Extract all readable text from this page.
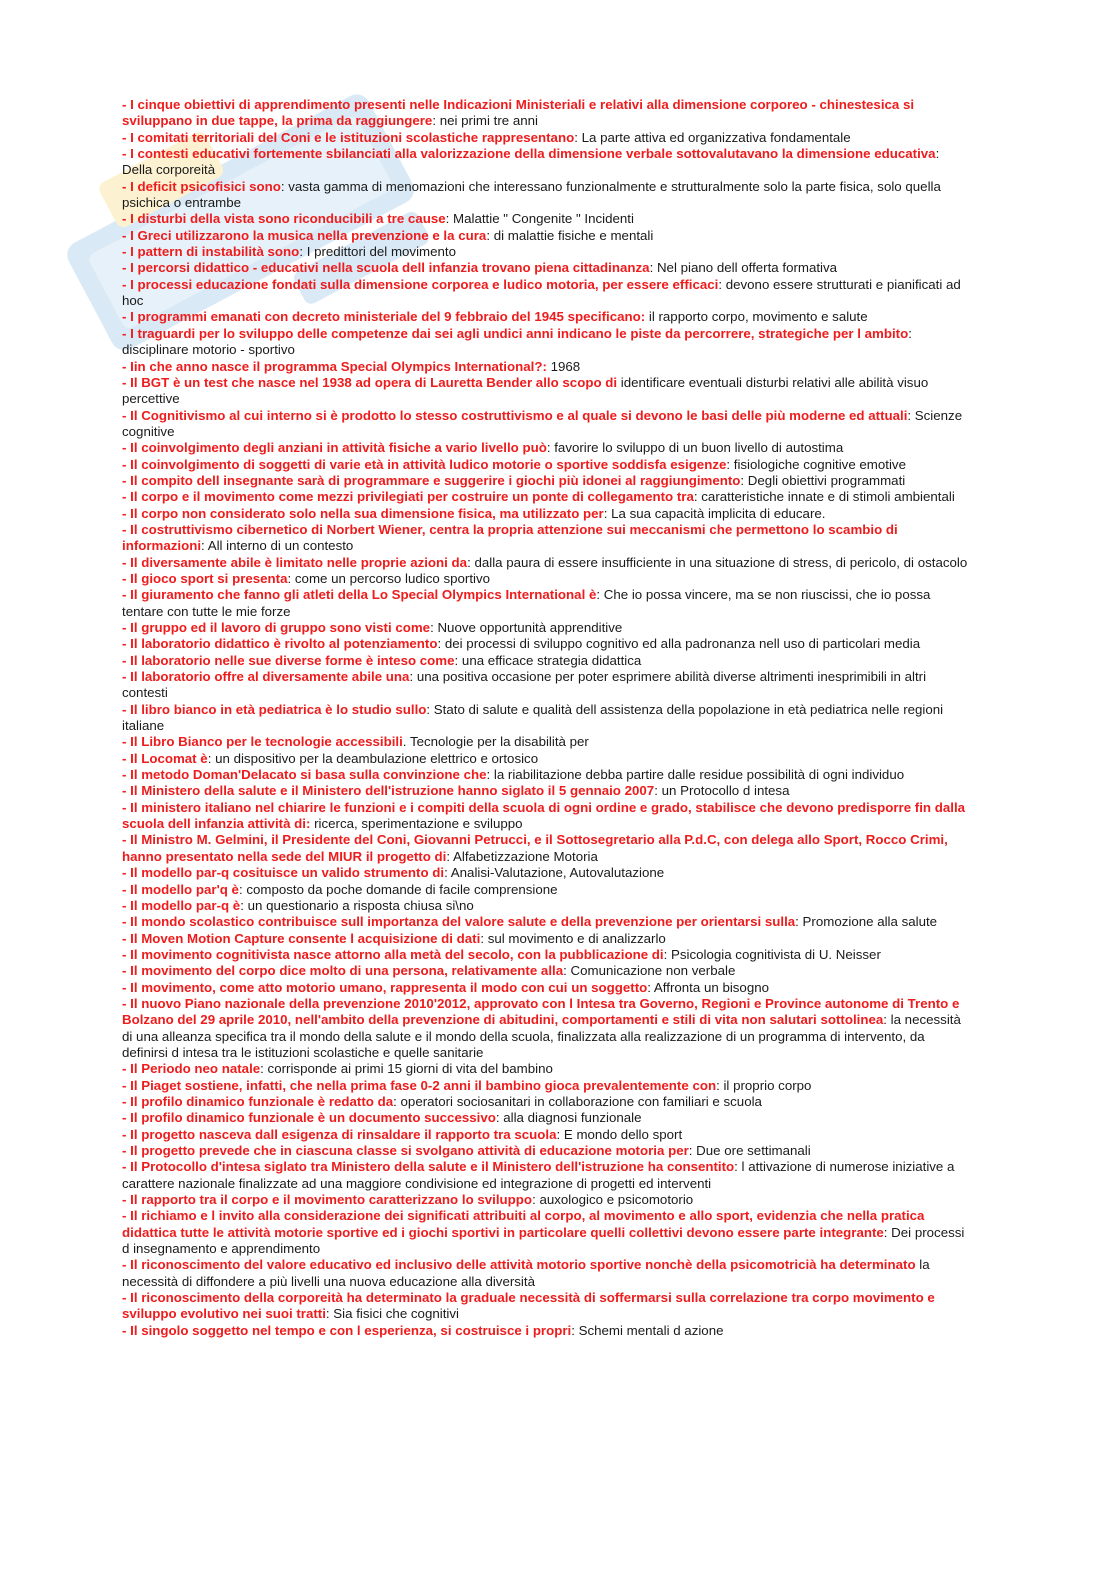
- I cinque obiettivi di apprendimento presenti nelle Indicazioni Ministeriali e relativi alla dimensione corporeo - chinestesica si sviluppano in due tappe, la prima da raggiungere: nei primi tre anni
- I comitati territoriali del Coni e le istituzioni scolastiche rappresentano: La parte attiva ed organizzativa fondamentale
- I contesti educativi fortemente sbilanciati alla valorizzazione della dimensione verbale sottovalutavano la dimensione educativa: Della corporeità
- I deficit psicofisici sono: vasta gamma di menomazioni che interessano funzionalmente e strutturalmente solo la parte fisica, solo quella psichica o entrambe
- I disturbi della vista sono riconducibili a tre cause: Malattie " Congenite " Incidenti
- I Greci utilizzarono la musica nella prevenzione e la cura: di malattie fisiche e mentali
- I pattern di instabilità sono: I predittori del movimento
- I percorsi didattico - educativi nella scuola dell infanzia trovano piena cittadinanza: Nel piano dell offerta formativa
- I processi educazione fondati sulla dimensione corporea e ludico motoria, per essere efficaci: devono essere strutturati e pianificati ad hoc
- I programmi emanati con decreto ministeriale del 9 febbraio del 1945 specificano: il rapporto corpo, movimento e salute
- I traguardi per lo sviluppo delle competenze dai sei agli undici anni indicano le piste da percorrere, strategiche per l ambito: disciplinare motorio - sportivo
- Iin che anno nasce il programma Special Olympics International?: 1968
- Il BGT è un test che nasce nel 1938 ad opera di Lauretta Bender allo scopo di identificare eventuali disturbi relativi alle abilità visuo percettive
- Il Cognitivismo al cui interno si è prodotto lo stesso costruttivismo e al quale si devono le basi delle più moderne ed attuali: Scienze cognitive
- Il coinvolgimento degli anziani in attività fisiche a vario livello può: favorire lo sviluppo di un buon livello di autostima
- Il coinvolgimento di soggetti di varie età in attività ludico motorie o sportive soddisfa esigenze: fisiologiche cognitive emotive
- Il compito dell insegnante sarà di programmare e suggerire i giochi più idonei al raggiungimento: Degli obiettivi programmati
- Il corpo e il movimento come mezzi privilegiati per costruire un ponte di collegamento tra: caratteristiche innate e di stimoli ambientali
- Il corpo non considerato solo nella sua dimensione fisica, ma utilizzato per: La sua capacità implicita di educare.
- Il costruttivismo cibernetico di Norbert Wiener, centra la propria attenzione sui meccanismi che permettono lo scambio di informazioni: All interno di un contesto
- Il diversamente abile è limitato nelle proprie azioni da: dalla paura di essere insufficiente in una situazione di stress, di pericolo, di ostacolo
- Il gioco sport si presenta: come un percorso ludico sportivo
- Il giuramento che fanno gli atleti della Lo Special Olympics International è: Che io possa vincere, ma se non riuscissi, che io possa tentare con tutte le mie forze
- Il gruppo ed il lavoro di gruppo sono visti come: Nuove opportunità apprenditive
- Il laboratorio didattico è rivolto al potenziamento: dei processi di sviluppo cognitivo ed alla padronanza nell uso di particolari media
- Il laboratorio nelle sue diverse forme è inteso come: una efficace strategia didattica
- Il laboratorio offre al diversamente abile una: una positiva occasione per poter esprimere abilità diverse altrimenti inesprimibili in altri contesti
- Il libro bianco in età pediatrica è lo studio sullo: Stato di salute e qualità dell assistenza della popolazione in età pediatrica nelle regioni italiane
- Il Libro Bianco per le tecnologie accessibili. Tecnologie per la disabilità per
- Il Locomat è: un dispositivo per la deambulazione elettrico e ortosico
- Il metodo Doman'Delacato si basa sulla convinzione che: la riabilitazione debba partire dalle residue possibilità di ogni individuo
- Il Ministero della salute e il Ministero dell'istruzione hanno siglato il 5 gennaio 2007: un Protocollo d intesa
- Il ministero italiano nel chiarire le funzioni e i compiti della scuola di ogni ordine e grado, stabilisce che devono predisporre fin dalla scuola dell infanzia attività di: ricerca, sperimentazione e sviluppo
- Il Ministro M. Gelmini, il Presidente del Coni, Giovanni Petrucci, e il Sottosegretario alla P.d.C, con delega allo Sport, Rocco Crimi, hanno presentato nella sede del MIUR il progetto di: Alfabetizzazione Motoria
- Il modello par-q cosituisce un valido strumento di: Analisi-Valutazione, Autovalutazione
- Il modello par'q è: composto da poche domande di facile comprensione
- Il modello par-q è: un questionario a risposta chiusa si\no
- Il mondo scolastico contribuisce sull importanza del valore salute e della prevenzione per orientarsi sulla: Promozione alla salute
- Il Moven Motion Capture consente l acquisizione di dati: sul movimento e di analizzarlo
- Il movimento cognitivista nasce attorno alla metà del secolo, con la pubblicazione di: Psicologia cognitivista di U. Neisser
- Il movimento del corpo dice molto di una persona, relativamente alla: Comunicazione non verbale
- Il movimento, come atto motorio umano, rappresenta il modo con cui un soggetto: Affronta un bisogno
- Il nuovo Piano nazionale della prevenzione 2010'2012, approvato con l Intesa tra Governo, Regioni e Province autonome di Trento e Bolzano del 29 aprile 2010, nell'ambito della prevenzione di abitudini, comportamenti e stili di vita non salutari sottolinea: la necessità di una alleanza specifica tra il mondo della salute e il mondo della scuola, finalizzata alla realizzazione di un programma di intervento, da definirsi d intesa tra le istituzioni scolastiche e quelle sanitarie
- Il Periodo neo natale: corrisponde ai primi 15 giorni di vita del bambino
- Il Piaget sostiene, infatti, che nella prima fase 0-2 anni il bambino gioca prevalentemente con: il proprio corpo
- Il profilo dinamico funzionale è redatto da: operatori sociosanitari in collaborazione con familiari e scuola
- Il profilo dinamico funzionale è un documento successivo: alla diagnosi funzionale
- Il progetto nasceva dall esigenza di rinsaldare il rapporto tra scuola: E mondo dello sport
- Il progetto prevede che in ciascuna classe si svolgano attività di educazione motoria per: Due ore settimanali
- Il Protocollo d'intesa siglato tra Ministero della salute e il Ministero dell'istruzione ha consentito: l attivazione di numerose iniziative a carattere nazionale finalizzate ad una maggiore condivisione ed integrazione di progetti ed interventi
- Il rapporto tra il corpo e il movimento caratterizzano lo sviluppo: auxologico e psicomotorio
- Il richiamo e l invito alla considerazione dei significati attribuiti al corpo, al movimento e allo sport, evidenzia che nella pratica didattica tutte le attività motorie sportive ed i giochi sportivi in particolare quelli collettivi devono essere parte integrante: Dei processi d insegnamento e apprendimento
- Il riconoscimento del valore educativo ed inclusivo delle attività motorio sportive nonchè della psicomotricià ha determinato la necessità di diffondere a più livelli una nuova educazione alla diversità
- Il riconoscimento della corporeità ha determinato la graduale necessità di soffermarsi sulla correlazione tra corpo movimento e sviluppo evolutivo nei suoi tratti: Sia fisici che cognitivi
- Il singolo soggetto nel tempo e con l esperienza, si costruisce i propri: Schemi mentali d azione
